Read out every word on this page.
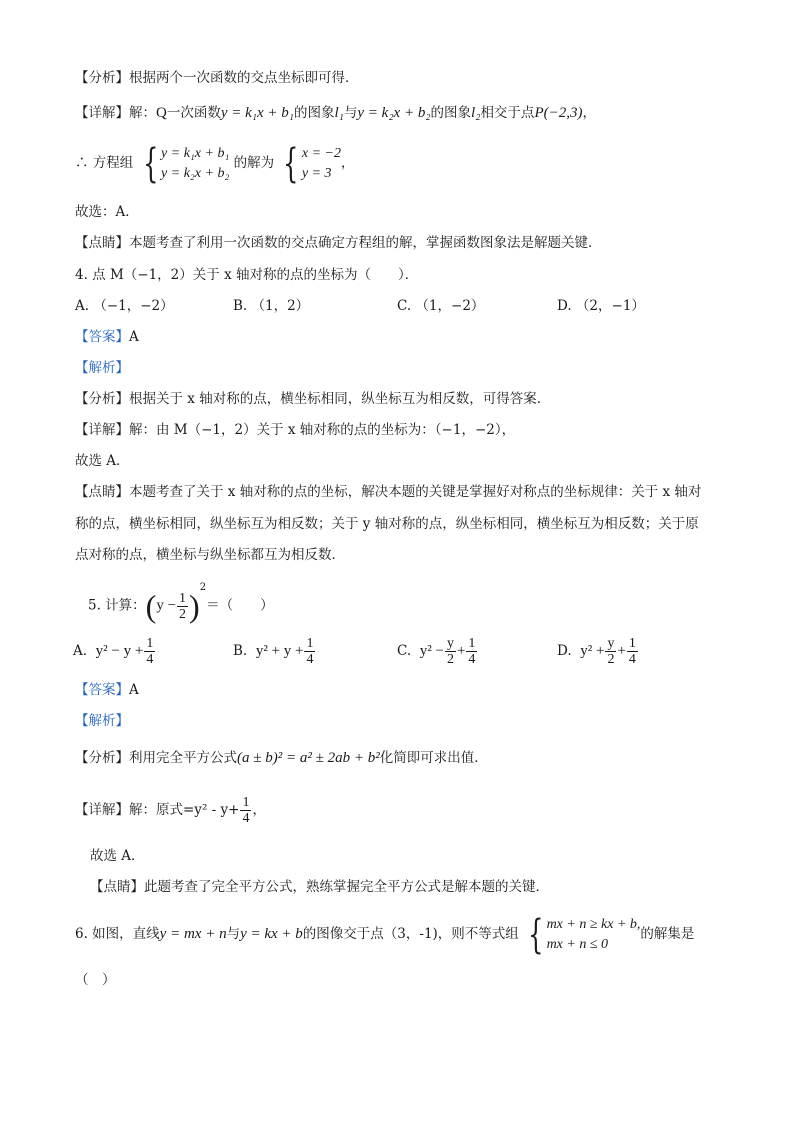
【分析】根据两个一次函数的交点坐标即可得．
【详解】解：Q一次函数y = k₁x + b₁的图象l₁与y = k₂x + b₂的图象l₂相交于点P(−2,3)，
∴ 方程组 { y = k₁x + b₁
y = k₂x + b₂
的解为 { x = −2
y = 3
，
故选：A．
【点睛】本题考查了利用一次函数的交点确定方程组的解，掌握函数图象法是解题关键．
4. 点 M（−1，2）关于 x 轴对称的点的坐标为（　　）．
A. （−1，−2）	B. （1，2）	C. （1，−2）	D. （2，−1）
【答案】A
【解析】
【分析】根据关于 x 轴对称的点，横坐标相同，纵坐标互为相反数，可得答案．
【详解】解：由 M（−1，2）关于 x 轴对称的点的坐标为：（−1，−2），
故选 A．
【点睛】本题考查了关于 x 轴对称的点的坐标，解决本题的关键是掌握好对称点的坐标规律：关于 x 轴对
称的点，横坐标相同，纵坐标互为相反数；关于 y 轴对称的点，纵坐标相同，横坐标互为相反数；关于原
点对称的点，横坐标与纵坐标都互为相反数．
5. 计算：$(y - \frac{1}{2} )^2=$（　　）
A. $y^2 - y + \frac{1}{4}$	B. $y^2 + y + \frac{1}{4}$	C. $y^2 - \frac{y}{2} + \frac{1}{4}$	D. $y^2 + \frac{y}{2} + \frac{1}{4}$
【答案】A
【解析】
【分析】利用完全平方公式(a ± b)² = a² ± 2ab + b²化简即可求出值．
【详解】解：原式$=y^2 - y+ \frac{1}{4}$ ，
故选 A．
【点睛】此题考查了完全平方公式，熟练掌握完全平方公式是解本题的关键．
6. 如图，直线y = mx + n与y = kx + b的图像交于点（3，-1)，则不等式组 { mx + n ≥ kx + b,
mx + n ≤ 0
的解集是
（　）
